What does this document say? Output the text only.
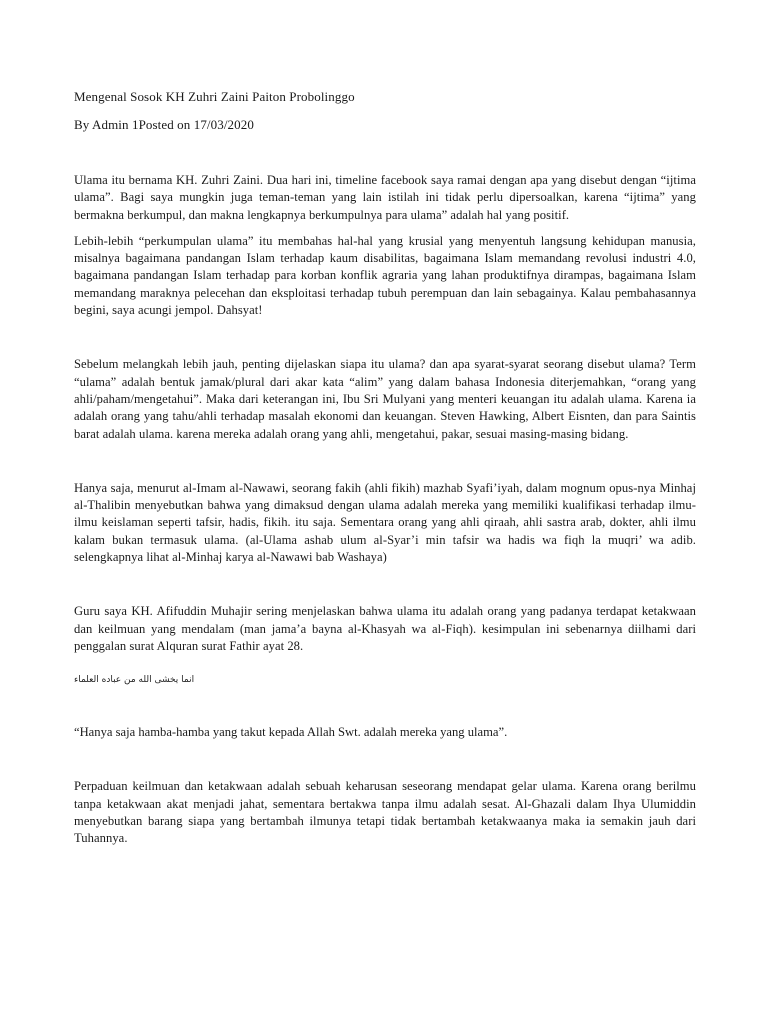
Mengenal Sosok KH Zuhri Zaini Paiton Probolinggo

By Admin 1Posted on 17/03/2020

Ulama itu bernama KH. Zuhri Zaini. Dua hari ini, timeline facebook saya ramai dengan apa yang disebut dengan “ijtima ulama”. Bagi saya mungkin juga teman-teman yang lain istilah ini tidak perlu dipersoalkan, karena “ijtima” yang bermakna berkumpul, dan makna lengkapnya berkumpulnya para ulama” adalah hal yang positif.

Lebih-lebih “perkumpulan ulama” itu membahas hal-hal yang krusial yang menyentuh langsung kehidupan manusia, misalnya bagaimana pandangan Islam terhadap kaum disabilitas, bagaimana Islam memandang revolusi industri 4.0, bagaimana pandangan Islam terhadap para korban konflik agraria yang lahan produktifnya dirampas, bagaimana Islam memandang maraknya pelecehan dan eksploitasi terhadap tubuh perempuan dan lain sebagainya. Kalau pembahasannya begini, saya acungi jempol. Dahsyat!

Sebelum melangkah lebih jauh, penting dijelaskan siapa itu ulama? dan apa syarat-syarat seorang disebut ulama? Term “ulama” adalah bentuk jamak/plural dari akar kata “alim” yang dalam bahasa Indonesia diterjemahkan, “orang yang ahli/paham/mengetahui”. Maka dari keterangan ini, Ibu Sri Mulyani yang menteri keuangan itu adalah ulama. Karena ia adalah orang yang tahu/ahli terhadap masalah ekonomi dan keuangan. Steven Hawking, Albert Eisnten, dan para Saintis barat adalah ulama. karena mereka adalah orang yang ahli, mengetahui, pakar, sesuai masing-masing bidang.

Hanya saja, menurut al-Imam al-Nawawi, seorang fakih (ahli fikih) mazhab Syafi’iyah, dalam mognum opus-nya Minhaj al-Thalibin menyebutkan bahwa yang dimaksud dengan ulama adalah mereka yang memiliki kualifikasi terhadap ilmu-ilmu keislaman seperti tafsir, hadis, fikih. itu saja. Sementara orang yang ahli qiraah, ahli sastra arab, dokter, ahli ilmu kalam bukan termasuk ulama. (al-Ulama ashab ulum al-Syar’i min tafsir wa hadis wa fiqh la muqri’ wa adib. selengkapnya lihat al-Minhaj karya al-Nawawi bab Washaya)

Guru saya KH. Afifuddin Muhajir sering menjelaskan bahwa ulama itu adalah orang yang padanya terdapat ketakwaan dan keilmuan yang mendalam (man jama’a bayna al-Khasyah wa al-Fiqh). kesimpulan ini sebenarnya diilhami dari penggalan surat Alquran surat Fathir ayat 28.

انما يخشى الله من عباده العلماء

“Hanya saja hamba-hamba yang takut kepada Allah Swt. adalah mereka yang ulama”.

Perpaduan keilmuan dan ketakwaan adalah sebuah keharusan seseorang mendapat gelar ulama. Karena orang berilmu tanpa ketakwaan akat menjadi jahat, sementara bertakwa tanpa ilmu adalah sesat. Al-Ghazali dalam Ihya Ulumiddin menyebutkan barang siapa yang bertambah ilmunya tetapi tidak bertambah ketakwaanya maka ia semakin jauh dari Tuhannya.
